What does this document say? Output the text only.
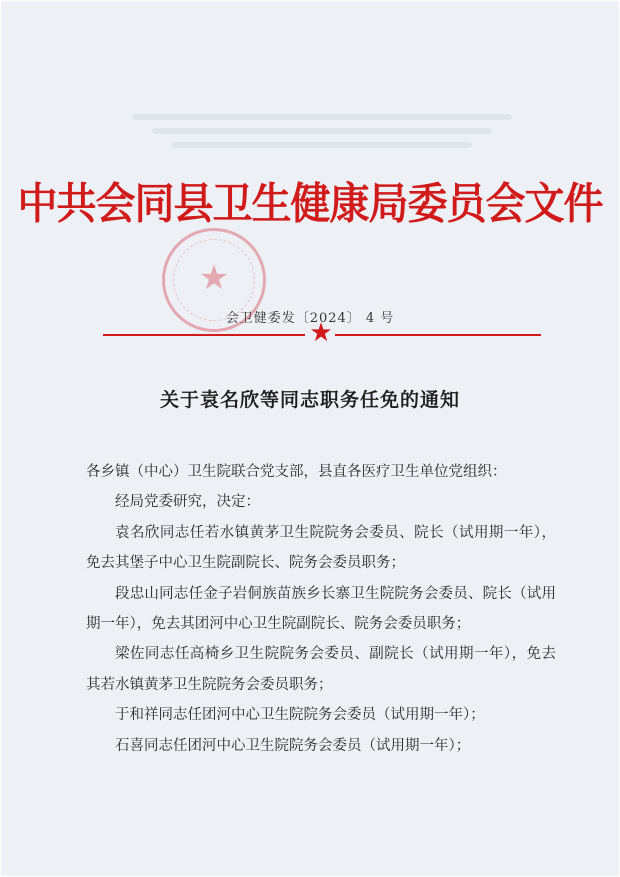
中共会同县卫生健康局委员会文件
★
会卫健委发〔2024〕 4 号
★
关于袁名欣等同志职务任免的通知

各乡镇（中心）卫生院联合党支部，县直各医疗卫生单位党组织：

经局党委研究，决定：

袁名欣同志任若水镇黄茅卫生院院务会委员、院长（试用期一年），免去其堡子中心卫生院副院长、院务会委员职务；

段忠山同志任金子岩侗族苗族乡长寨卫生院院务会委员、院长（试用期一年），免去其团河中心卫生院副院长、院务会委员职务；

梁佐同志任高椅乡卫生院院务会委员、副院长（试用期一年），免去其若水镇黄茅卫生院院务会委员职务；

于和祥同志任团河中心卫生院院务会委员（试用期一年）；

石喜同志任团河中心卫生院院务会委员（试用期一年）；
